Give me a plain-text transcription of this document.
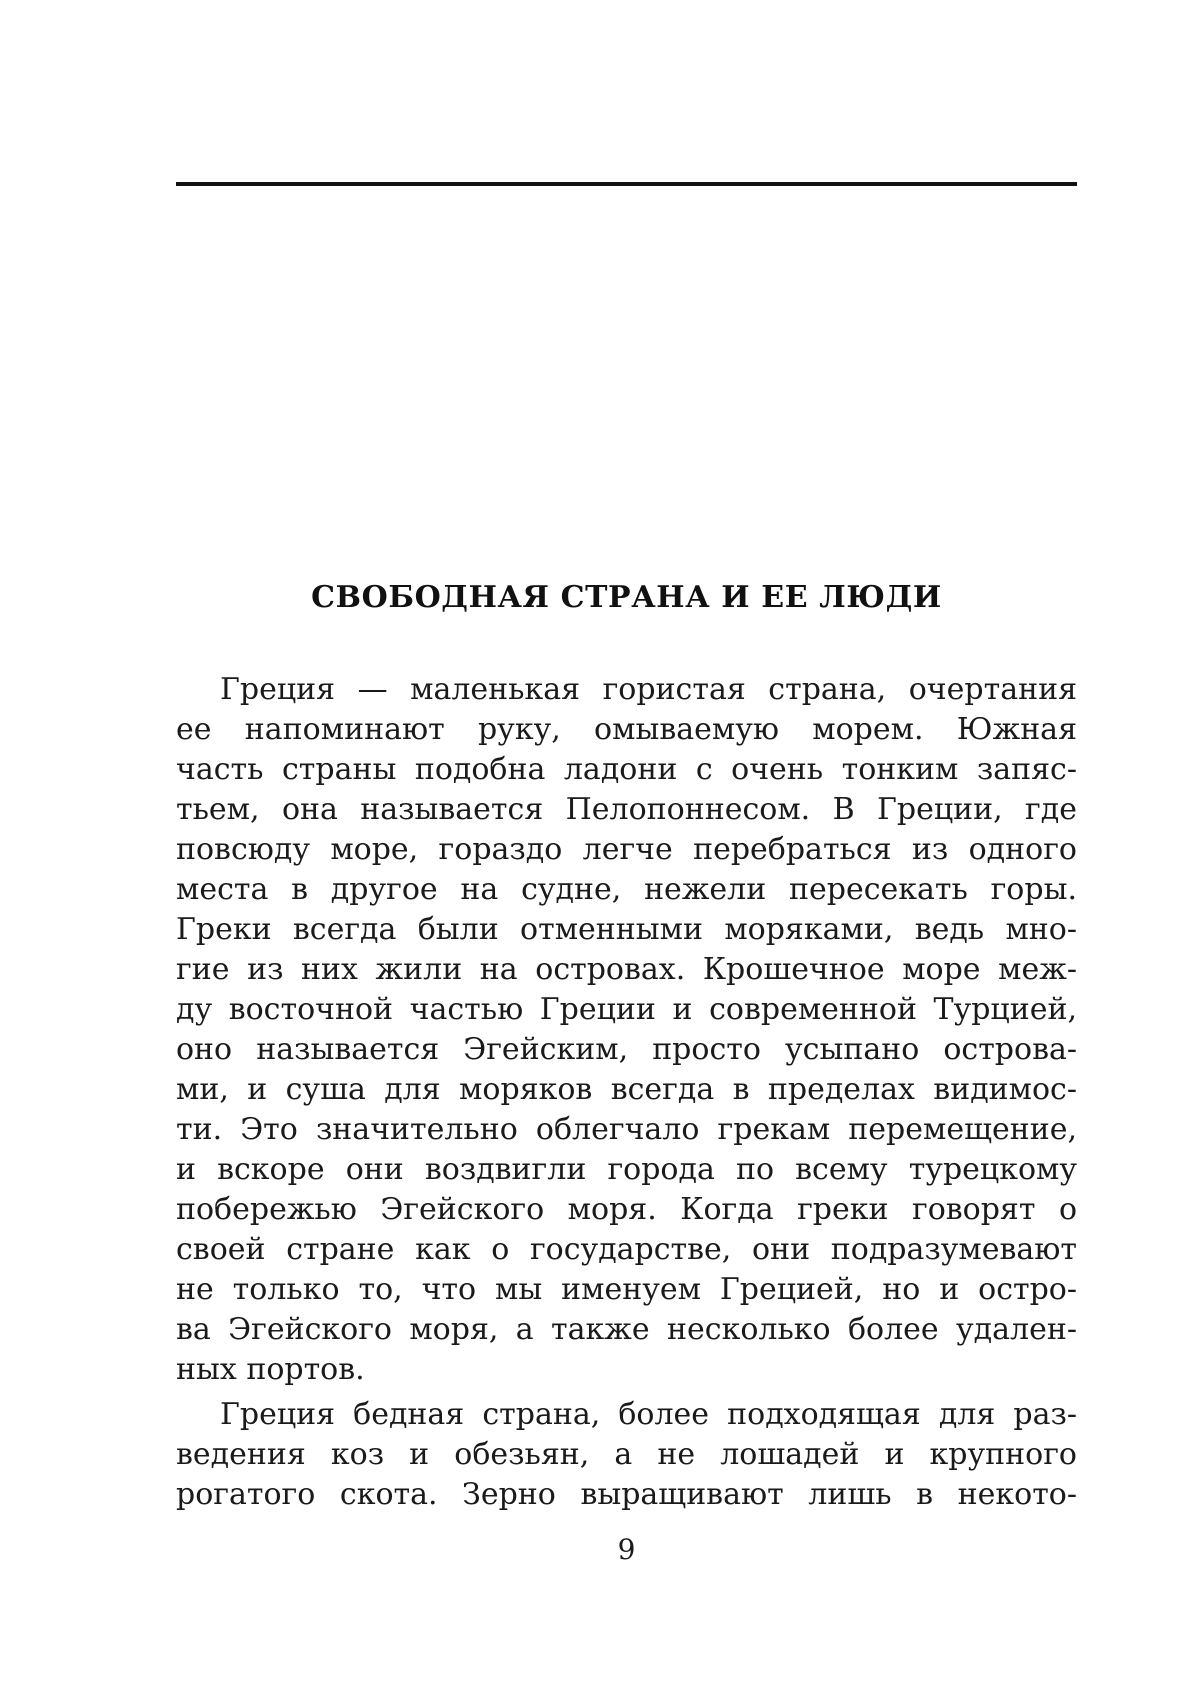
СВОБОДНАЯ СТРАНА И ЕЕ ЛЮДИ
Греция — маленькая гористая страна, очертания
ее напоминают руку, омываемую морем. Южная
часть страны подобна ладони с очень тонким запяс-
тьем, она называется Пелопоннесом. В Греции, где
повсюду море, гораздо легче перебраться из одного
места в другое на судне, нежели пересекать горы.
Греки всегда были отменными моряками, ведь мно-
гие из них жили на островах. Крошечное море меж-
ду восточной частью Греции и современной Турцией,
оно называется Эгейским, просто усыпано острова-
ми, и суша для моряков всегда в пределах видимос-
ти. Это значительно облегчало грекам перемещение,
и вскоре они воздвигли города по всему турецкому
побережью Эгейского моря. Когда греки говорят о
своей стране как о государстве, они подразумевают
не только то, что мы именуем Грецией, но и остро-
ва Эгейского моря, а также несколько более удален-
ных портов.
Греция бедная страна, более подходящая для раз-
ведения коз и обезьян, а не лошадей и крупного
рогатого скота. Зерно выращивают лишь в некото-
9
